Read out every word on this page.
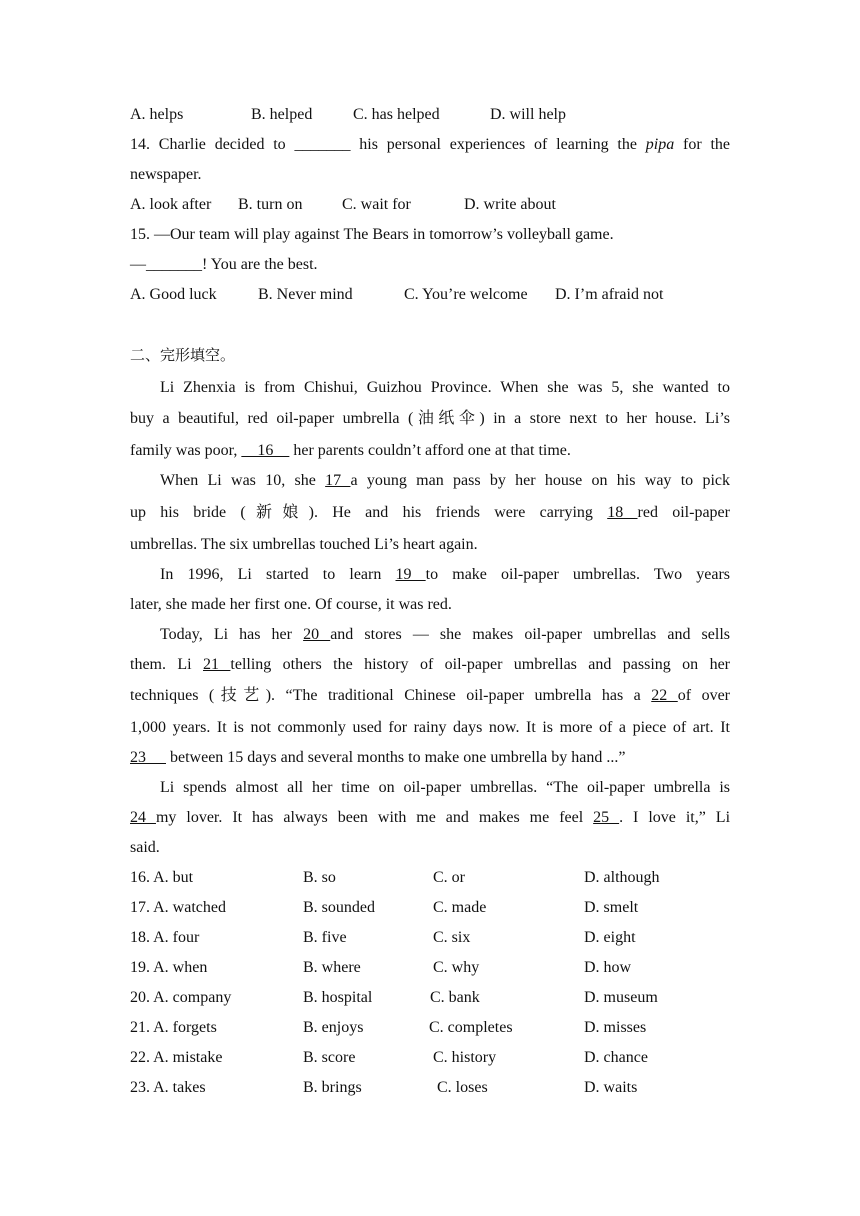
A. helps	B. helped	C. has helped	D. will help
14. Charlie decided to _______ his personal experiences of learning the pipa for the
newspaper.
A. look after B. turn on C. wait for	D. write about
15. —Our team will play against The Bears in tomorrow’s volleyball game.
—_______! You are the best.
A. Good luck	B. Never mind	C. You’re welcome D. I’m afraid not
二、完形填空。
Li Zhenxia is from Chishui, Guizhou Province. When she was 5, she wanted to
buy a beautiful, red oil-paper umbrella (油纸伞) in a store next to her house. Li’s
family was poor,     16     her parents couldn’t afford one at that time.
When Li was 10, she 17 a young man pass by her house on his way to pick
up his bride (新娘). He and his friends were carrying 18 red oil-paper
umbrellas. The six umbrellas touched Li’s heart again.
In 1996, Li started to learn 19 to make oil-paper umbrellas. Two years
later, she made her first one. Of course, it was red.
Today, Li has her 20 and stores — she makes oil-paper umbrellas and sells
them. Li 21 telling others the history of oil-paper umbrellas and passing on her
techniques (技艺). “The traditional Chinese oil-paper umbrella has a 22 of over
1,000 years. It is not commonly used for rainy days now. It is more of a piece of art. It
23      between 15 days and several months to make one umbrella by hand ...”
Li spends almost all her time on oil-paper umbrellas. “The oil-paper umbrella is
24 my lover. It has always been with me and makes me feel 25 . I love it,” Li
said.
16. A. but	B. so	C. or	D. although
17. A. watched	B. sounded	C. made	D. smelt
18. A. four	B. five	C. six	D. eight
19. A. when	B. where	C. why	D. how
20. A. company	B. hospital	C. bank	D. museum
21. A. forgets	B. enjoys	C. completes	D. misses
22. A. mistake	B. score	C. history	D. chance
23. A. takes	B. brings	C. loses	D. waits
